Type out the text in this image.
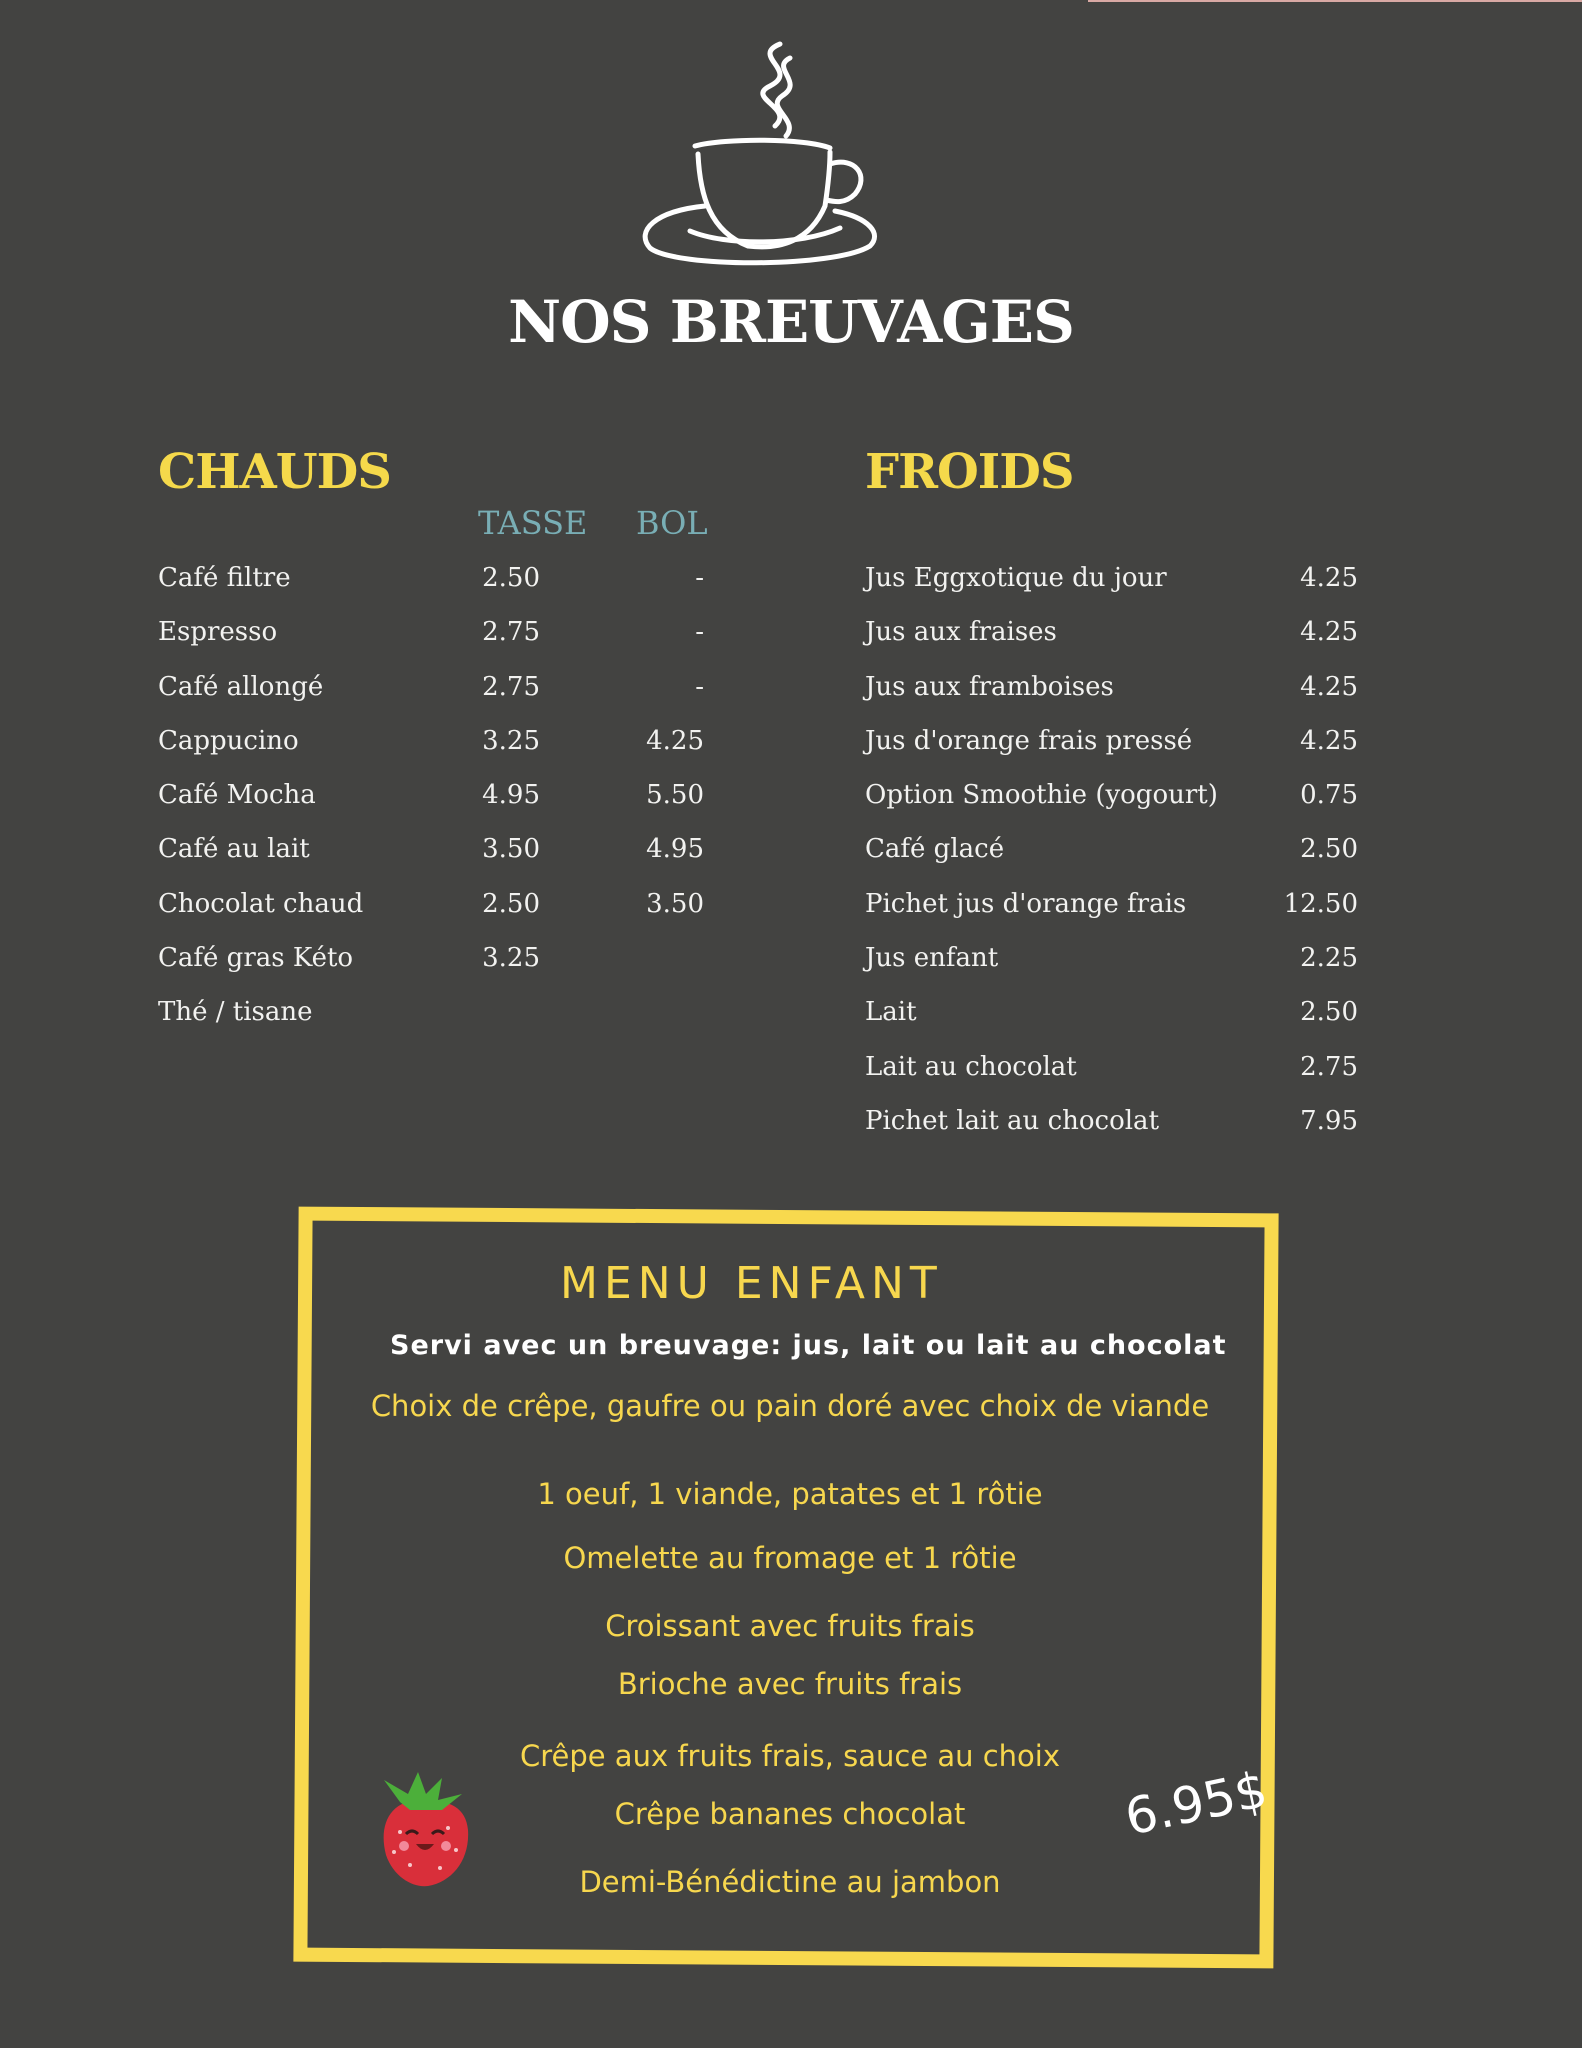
NOS BREUVAGES
CHAUDS
TASSE BOL
Café filtre	2.50	-
Espresso	2.75	-
Café allongé	2.75	-
Cappucino	3.25	4.25
Café Mocha	4.95	5.50
Café au lait	3.50	4.95
Chocolat chaud	2.50	3.50
Café gras Kéto	3.25
Thé / tisane
FROIDS
Jus Eggxotique du jour	4.25
Jus aux fraises	4.25
Jus aux framboises	4.25
Jus d'orange frais pressé	4.25
Option Smoothie (yogourt)	0.75
Café glacé	2.50
Pichet jus d'orange frais	12.50
Jus enfant	2.25
Lait	2.50
Lait au chocolat	2.75
Pichet lait au chocolat	7.95
MENU ENFANT
Servi avec un breuvage: jus, lait ou lait au chocolat
Choix de crêpe, gaufre ou pain doré avec choix de viande
1 oeuf, 1 viande, patates et 1 rôtie
Omelette au fromage et 1 rôtie
Croissant avec fruits frais
Brioche avec fruits frais
Crêpe aux fruits frais, sauce au choix
Crêpe bananes chocolat
Demi-Bénédictine au jambon
6.95$
